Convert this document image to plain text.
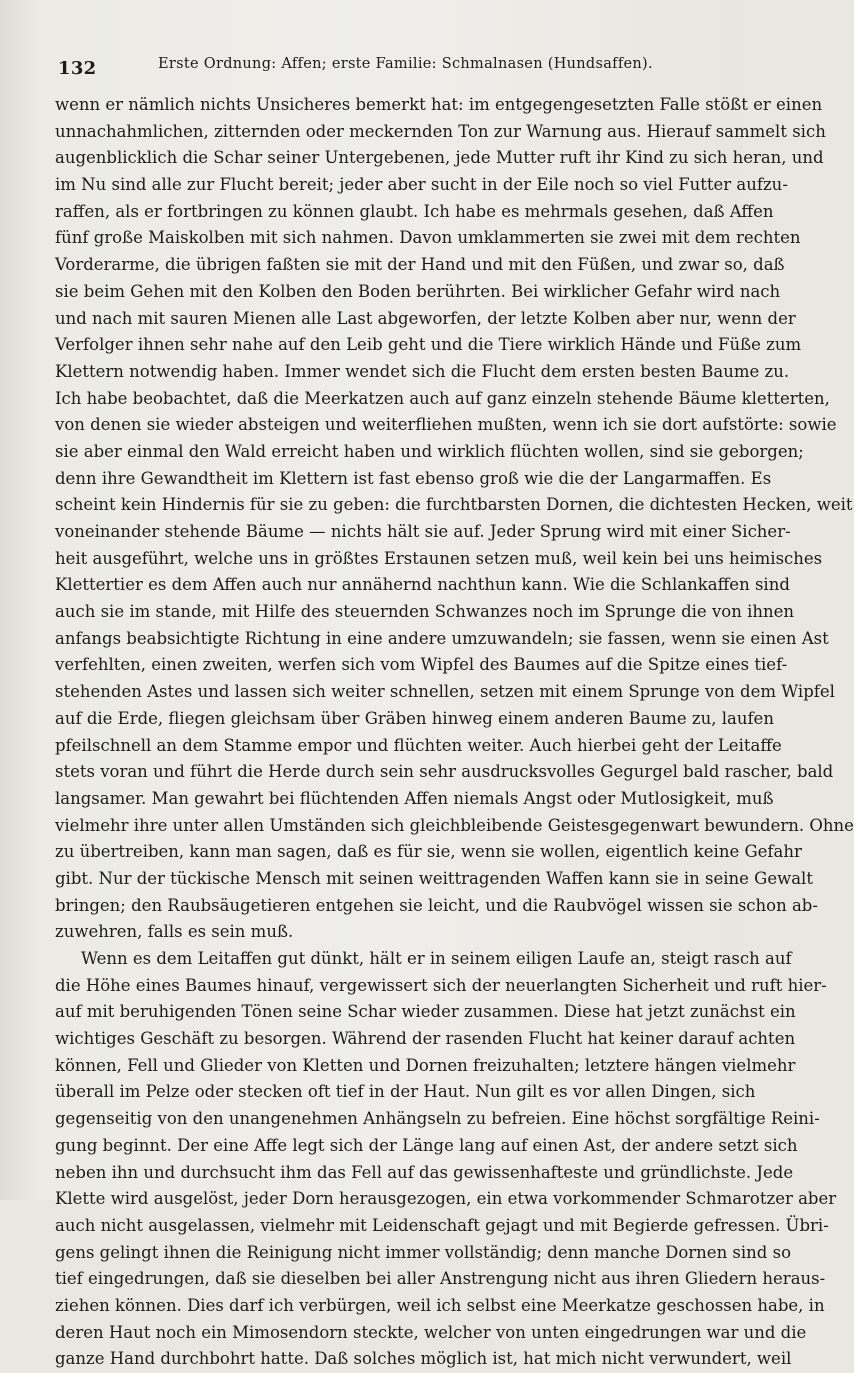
132	Erste Ordnung: Affen; erste Familie: Schmalnasen (Hundsaffen).
wenn er nämlich nichts Unsicheres bemerkt hat: im entgegengesetzten Falle stößt er einen
unnachahmlichen, zitternden oder meckernden Ton zur Warnung aus. Hierauf sammelt sich
augenblicklich die Schar seiner Untergebenen, jede Mutter ruft ihr Kind zu sich heran, und
im Nu sind alle zur Flucht bereit; jeder aber sucht in der Eile noch so viel Futter aufzu-
raffen, als er fortbringen zu können glaubt. Ich habe es mehrmals gesehen, daß Affen
fünf große Maiskolben mit sich nahmen. Davon umklammerten sie zwei mit dem rechten
Vorderarme, die übrigen faßten sie mit der Hand und mit den Füßen, und zwar so, daß
sie beim Gehen mit den Kolben den Boden berührten. Bei wirklicher Gefahr wird nach
und nach mit sauren Mienen alle Last abgeworfen, der letzte Kolben aber nur, wenn der
Verfolger ihnen sehr nahe auf den Leib geht und die Tiere wirklich Hände und Füße zum
Klettern notwendig haben. Immer wendet sich die Flucht dem ersten besten Baume zu.
Ich habe beobachtet, daß die Meerkatzen auch auf ganz einzeln stehende Bäume kletterten,
von denen sie wieder absteigen und weiterfliehen mußten, wenn ich sie dort aufstörte: sowie
sie aber einmal den Wald erreicht haben und wirklich flüchten wollen, sind sie geborgen;
denn ihre Gewandtheit im Klettern ist fast ebenso groß wie die der Langarmaffen. Es
scheint kein Hindernis für sie zu geben: die furchtbarsten Dornen, die dichtesten Hecken, weit
voneinander stehende Bäume — nichts hält sie auf. Jeder Sprung wird mit einer Sicher-
heit ausgeführt, welche uns in größtes Erstaunen setzen muß, weil kein bei uns heimisches
Klettertier es dem Affen auch nur annähernd nachthun kann. Wie die Schlankaffen sind
auch sie im stande, mit Hilfe des steuernden Schwanzes noch im Sprunge die von ihnen
anfangs beabsichtigte Richtung in eine andere umzuwandeln; sie fassen, wenn sie einen Ast
verfehlten, einen zweiten, werfen sich vom Wipfel des Baumes auf die Spitze eines tief-
stehenden Astes und lassen sich weiter schnellen, setzen mit einem Sprunge von dem Wipfel
auf die Erde, fliegen gleichsam über Gräben hinweg einem anderen Baume zu, laufen
pfeilschnell an dem Stamme empor und flüchten weiter. Auch hierbei geht der Leitaffe
stets voran und führt die Herde durch sein sehr ausdrucksvolles Gegurgel bald rascher, bald
langsamer. Man gewahrt bei flüchtenden Affen niemals Angst oder Mutlosigkeit, muß
vielmehr ihre unter allen Umständen sich gleichbleibende Geistesgegenwart bewundern. Ohne
zu übertreiben, kann man sagen, daß es für sie, wenn sie wollen, eigentlich keine Gefahr
gibt. Nur der tückische Mensch mit seinen weittragenden Waffen kann sie in seine Gewalt
bringen; den Raubsäugetieren entgehen sie leicht, und die Raubvögel wissen sie schon ab-
zuwehren, falls es sein muß.
Wenn es dem Leitaffen gut dünkt, hält er in seinem eiligen Laufe an, steigt rasch auf
die Höhe eines Baumes hinauf, vergewissert sich der neuerlangten Sicherheit und ruft hier-
auf mit beruhigenden Tönen seine Schar wieder zusammen. Diese hat jetzt zunächst ein
wichtiges Geschäft zu besorgen. Während der rasenden Flucht hat keiner darauf achten
können, Fell und Glieder von Kletten und Dornen freizuhalten; letztere hängen vielmehr
überall im Pelze oder stecken oft tief in der Haut. Nun gilt es vor allen Dingen, sich
gegenseitig von den unangenehmen Anhängseln zu befreien. Eine höchst sorgfältige Reini-
gung beginnt. Der eine Affe legt sich der Länge lang auf einen Ast, der andere setzt sich
neben ihn und durchsucht ihm das Fell auf das gewissenhafteste und gründlichste. Jede
Klette wird ausgelöst, jeder Dorn herausgezogen, ein etwa vorkommender Schmarotzer aber
auch nicht ausgelassen, vielmehr mit Leidenschaft gejagt und mit Begierde gefressen. Übri-
gens gelingt ihnen die Reinigung nicht immer vollständig; denn manche Dornen sind so
tief eingedrungen, daß sie dieselben bei aller Anstrengung nicht aus ihren Gliedern heraus-
ziehen können. Dies darf ich verbürgen, weil ich selbst eine Meerkatze geschossen habe, in
deren Haut noch ein Mimosendorn steckte, welcher von unten eingedrungen war und die
ganze Hand durchbohrt hatte. Daß solches möglich ist, hat mich nicht verwundert, weil
